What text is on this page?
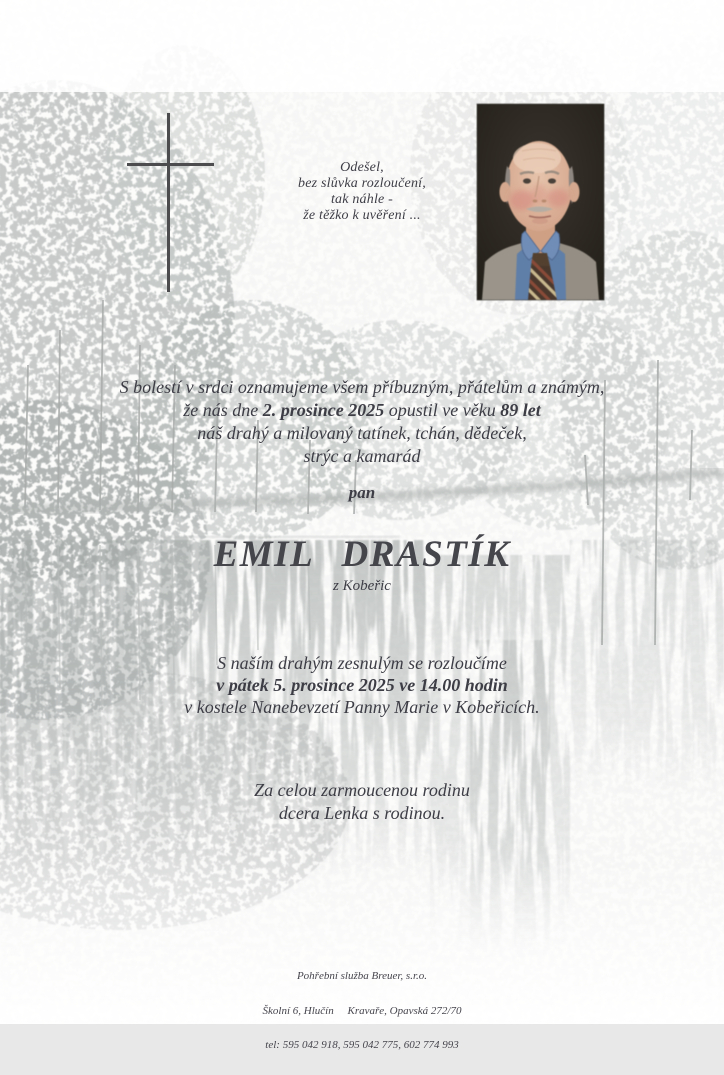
Odešel,
bez slůvka rozloučení,
tak náhle -
že těžko k uvěření ...
S bolestí v srdci oznamujeme všem příbuzným, přátelům a známým,
že nás dne 2. prosince 2025 opustil ve věku 89 let
náš drahý a milovaný tatínek, tchán, dědeček,
strýc a kamarád
pan
EMIL DRASTÍK
z Kobeřic
S naším drahým zesnulým se rozloučíme
v pátek 5. prosince 2025 ve 14.00 hodin
v kostele Nanebevzetí Panny Marie v Kobeřicích.
Za celou zarmoucenou rodinu
dcera Lenka s rodinou.

Pohřební služba Breuer, s.r.o.

Školní 6, Hlučín     Kravaře, Opavská 272/70

tel: 595 042 918, 595 042 775, 602 774 993
